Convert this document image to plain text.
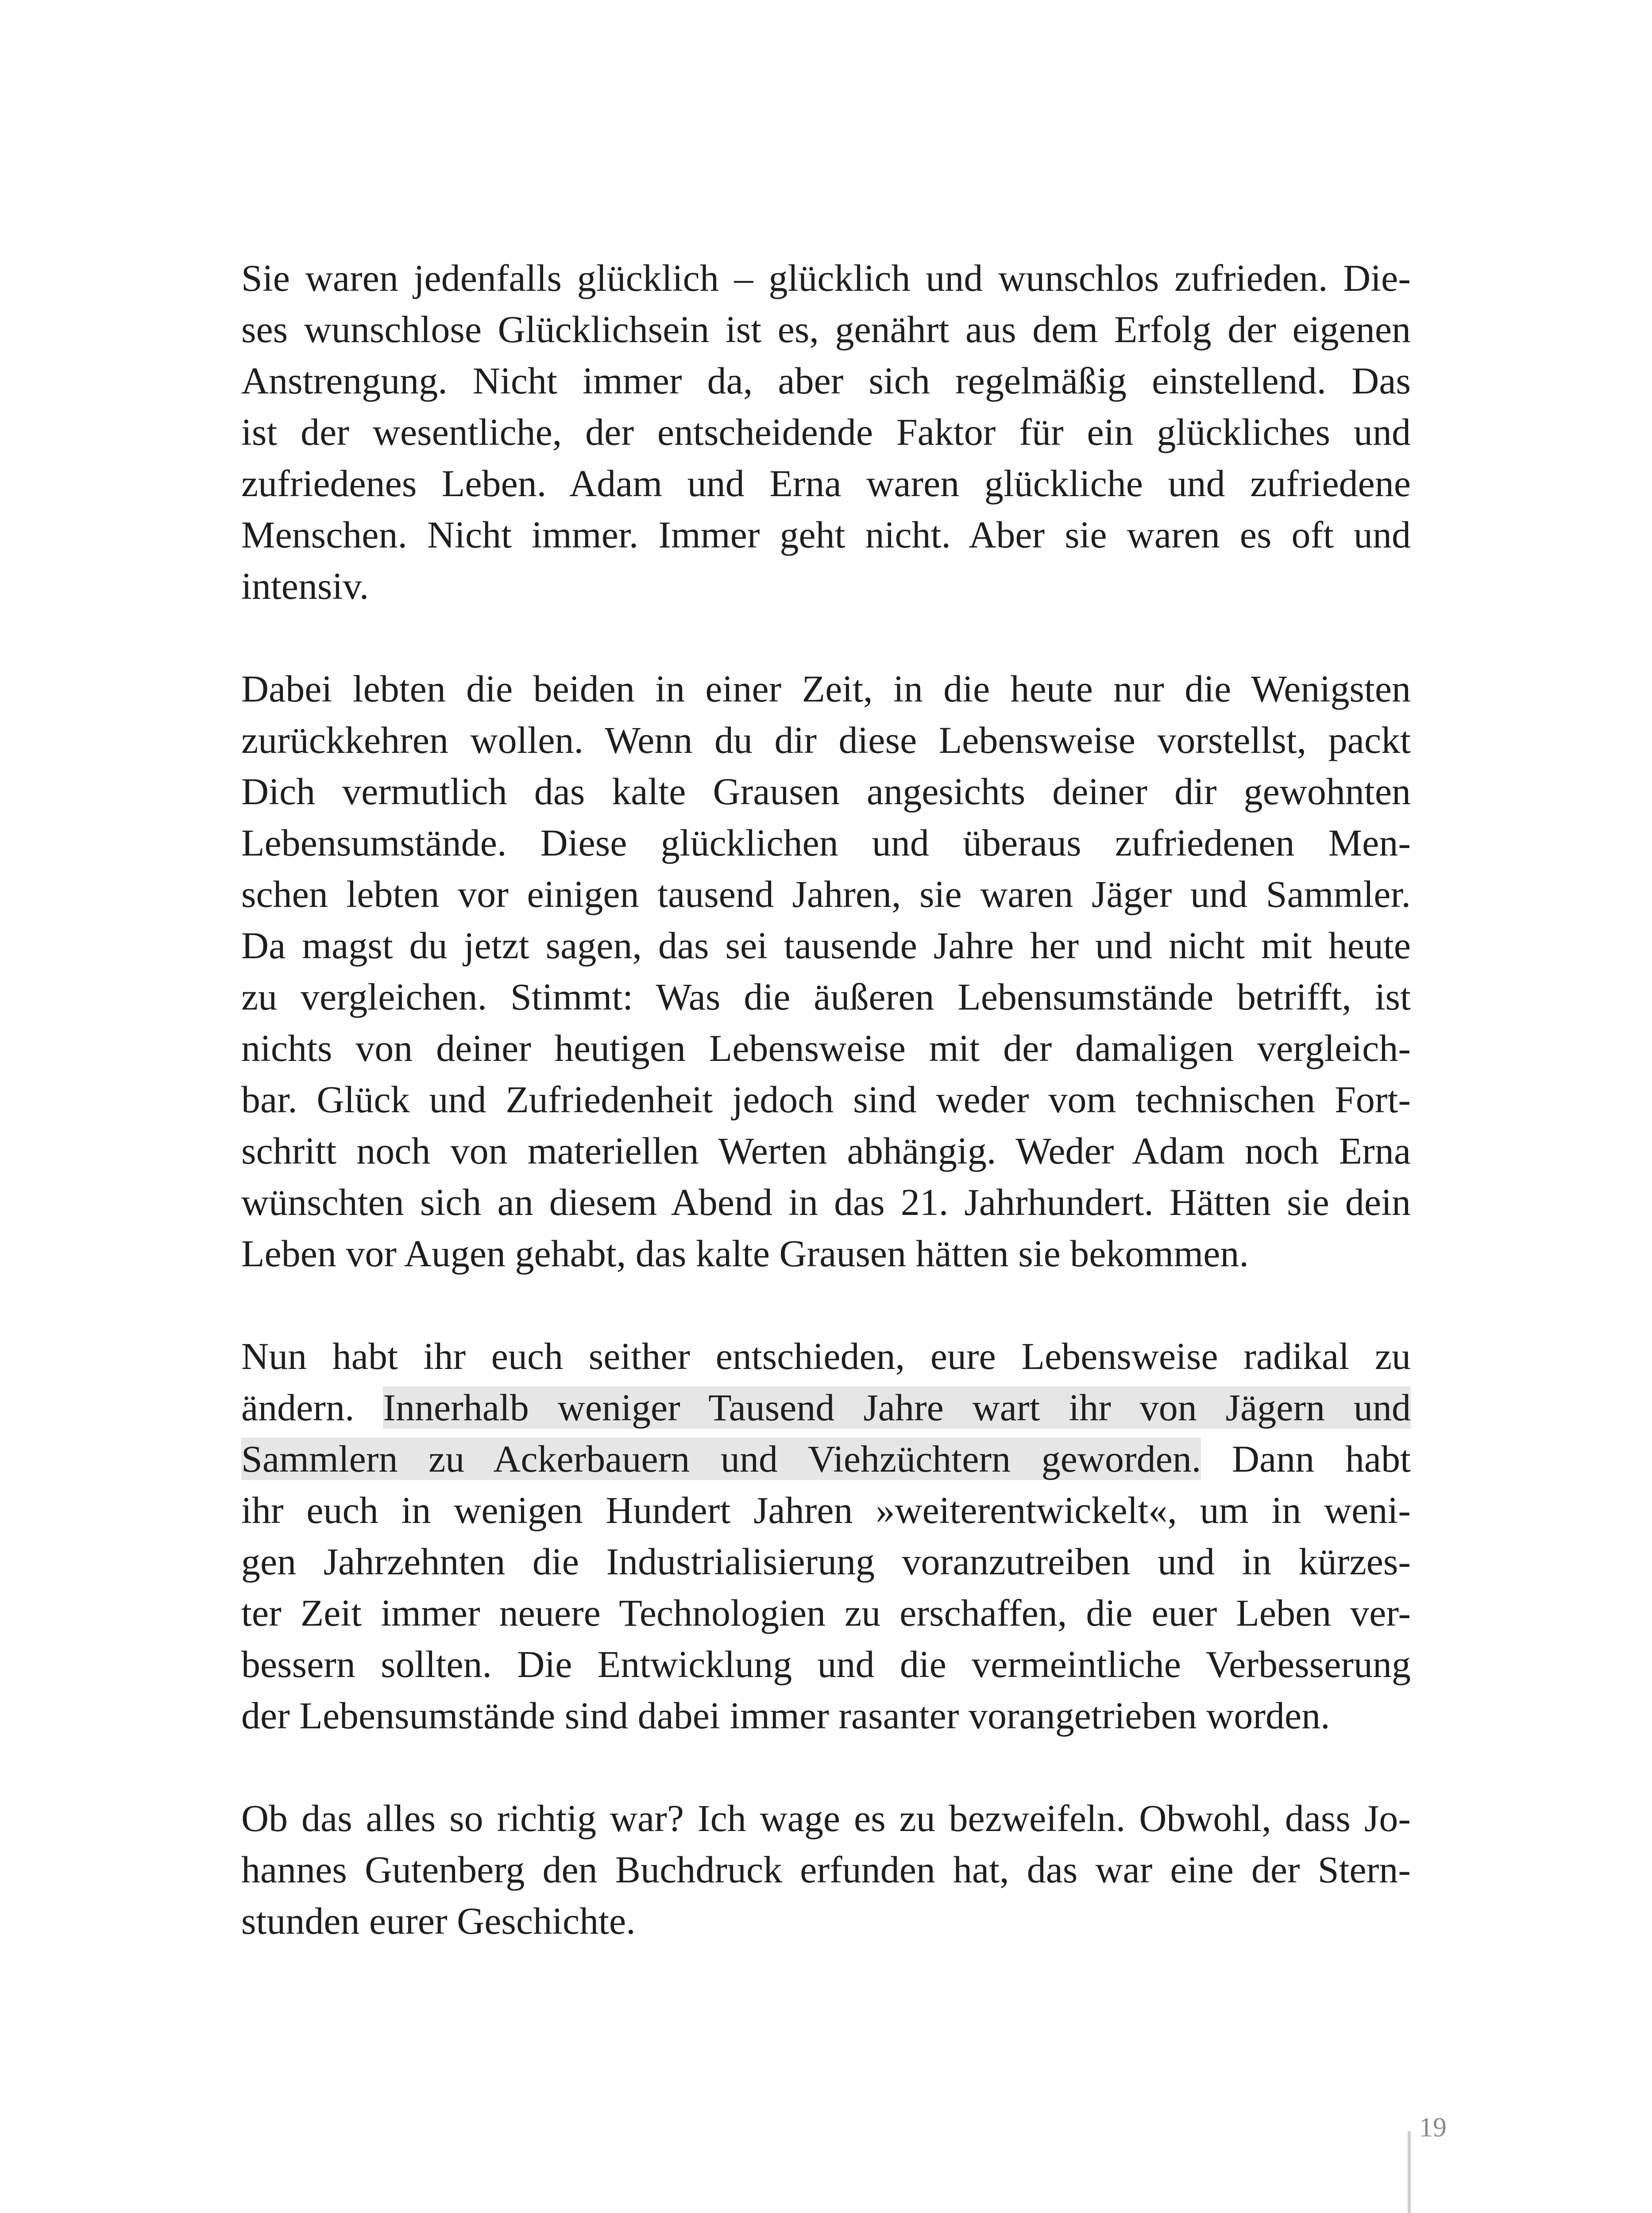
Sie waren jedenfalls glücklich – glücklich und wunschlos zufrieden. Die-
ses wunschlose Glücklichsein ist es, genährt aus dem Erfolg der eigenen
Anstrengung. Nicht immer da, aber sich regelmäßig einstellend. Das
ist der wesentliche, der entscheidende Faktor für ein glückliches und
zufriedenes Leben. Adam und Erna waren glückliche und zufriedene
Menschen. Nicht immer. Immer geht nicht. Aber sie waren es oft und
intensiv.
Dabei lebten die beiden in einer Zeit, in die heute nur die Wenigsten
zurückkehren wollen. Wenn du dir diese Lebensweise vorstellst, packt
Dich vermutlich das kalte Grausen angesichts deiner dir gewohnten
Lebensumstände. Diese glücklichen und überaus zufriedenen Men-
schen lebten vor einigen tausend Jahren, sie waren Jäger und Sammler.
Da magst du jetzt sagen, das sei tausende Jahre her und nicht mit heute
zu vergleichen. Stimmt: Was die äußeren Lebensumstände betrifft, ist
nichts von deiner heutigen Lebensweise mit der damaligen vergleich-
bar. Glück und Zufriedenheit jedoch sind weder vom technischen Fort-
schritt noch von materiellen Werten abhängig. Weder Adam noch Erna
wünschten sich an diesem Abend in das 21. Jahrhundert. Hätten sie dein
Leben vor Augen gehabt, das kalte Grausen hätten sie bekommen.
Nun habt ihr euch seither entschieden, eure Lebensweise radikal zu
ändern. Innerhalb weniger Tausend Jahre wart ihr von Jägern und
Sammlern zu Ackerbauern und Viehzüchtern geworden. Dann habt
ihr euch in wenigen Hundert Jahren »weiterentwickelt«, um in weni-
gen Jahrzehnten die Industrialisierung voranzutreiben und in kürzes-
ter Zeit immer neuere Technologien zu erschaffen, die euer Leben ver-
bessern sollten. Die Entwicklung und die vermeintliche Verbesserung
der Lebensumstände sind dabei immer rasanter vorangetrieben worden.
Ob das alles so richtig war? Ich wage es zu bezweifeln. Obwohl, dass Jo-
hannes Gutenberg den Buchdruck erfunden hat, das war eine der Stern-
stunden eurer Geschichte.
19
